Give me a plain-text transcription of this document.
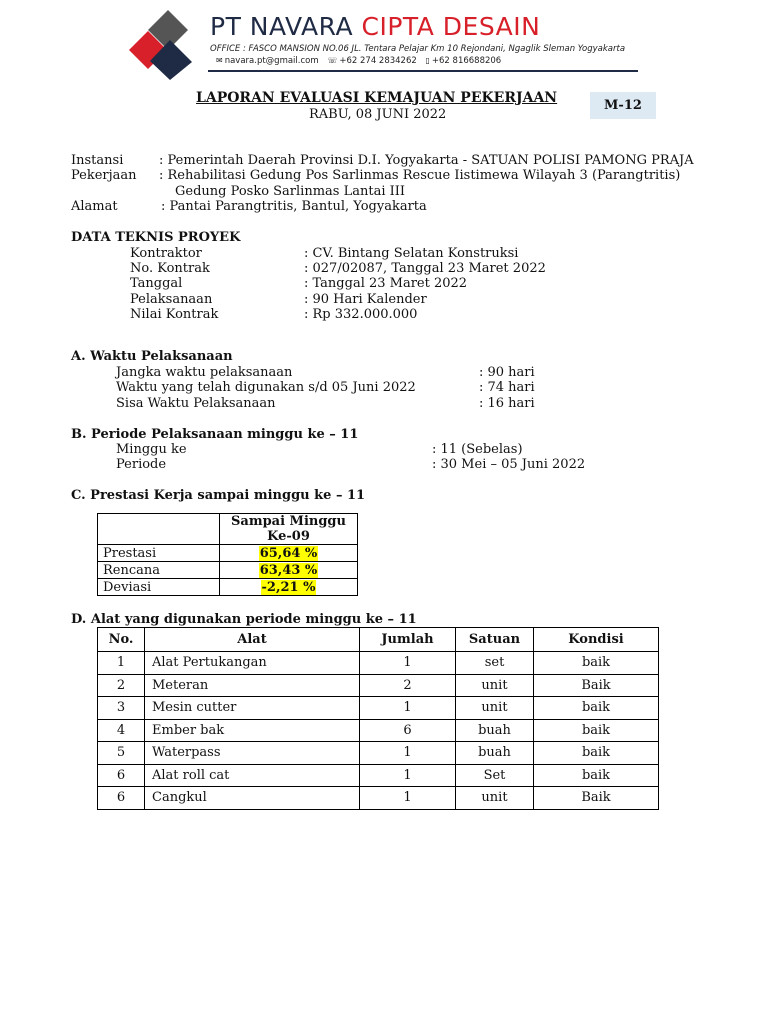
PT NAVARA CIPTA DESAIN
OFFICE : FASCO MANSION NO.06 JL. Tentara Pelajar Km 10 Rejondani, Ngaglik Sleman Yogyakarta
✉ navara.pt@gmail.com ☏ +62 274 2834262 ▯ +62 816688206
LAPORAN EVALUASI KEMAJUAN PEKERJAAN
RABU, 08 JUNI 2022
M-12
Instansi	: Pemerintah Daerah Provinsi D.I. Yogyakarta - SATUAN POLISI PAMONG PRAJA
Pekerjaan : Rehabilitasi Gedung Pos Sarlinmas Rescue Iistimewa Wilayah 3 (Parangtritis)
Gedung Posko Sarlinmas Lantai III
Alamat	: Pantai Parangtritis, Bantul, Yogyakarta
DATA TEKNIS PROYEK
Kontraktor	: CV. Bintang Selatan Konstruksi
No. Kontrak	: 027/02087, Tanggal 23 Maret 2022
Tanggal	: Tanggal 23 Maret 2022
Pelaksanaan	: 90 Hari Kalender
Nilai Kontrak	: Rp 332.000.000
A. Waktu Pelaksanaan
Jangka waktu pelaksanaan	: 90 hari
Waktu yang telah digunakan s/d 05 Juni 2022	: 74 hari
Sisa Waktu Pelaksanaan	: 16 hari
B. Periode Pelaksanaan minggu ke – 11
Minggu ke	: 11 (Sebelas)
Periode	: 30 Mei – 05 Juni 2022
C. Prestasi Kerja sampai minggu ke – 11
	Sampai Minggu
Ke-09
Prestasi	65,64 %
Rencana	63,43 %
Deviasi	-2,21 %
D. Alat yang digunakan periode minggu ke – 11
No.	Alat	Jumlah	Satuan	Kondisi
1	Alat Pertukangan	1	set	baik
2	Meteran	2	unit	Baik
3	Mesin cutter	1	unit	baik
4	Ember bak	6	buah	baik
5	Waterpass	1	buah	baik
6	Alat roll cat	1	Set	baik
6	Cangkul	1	unit	Baik
